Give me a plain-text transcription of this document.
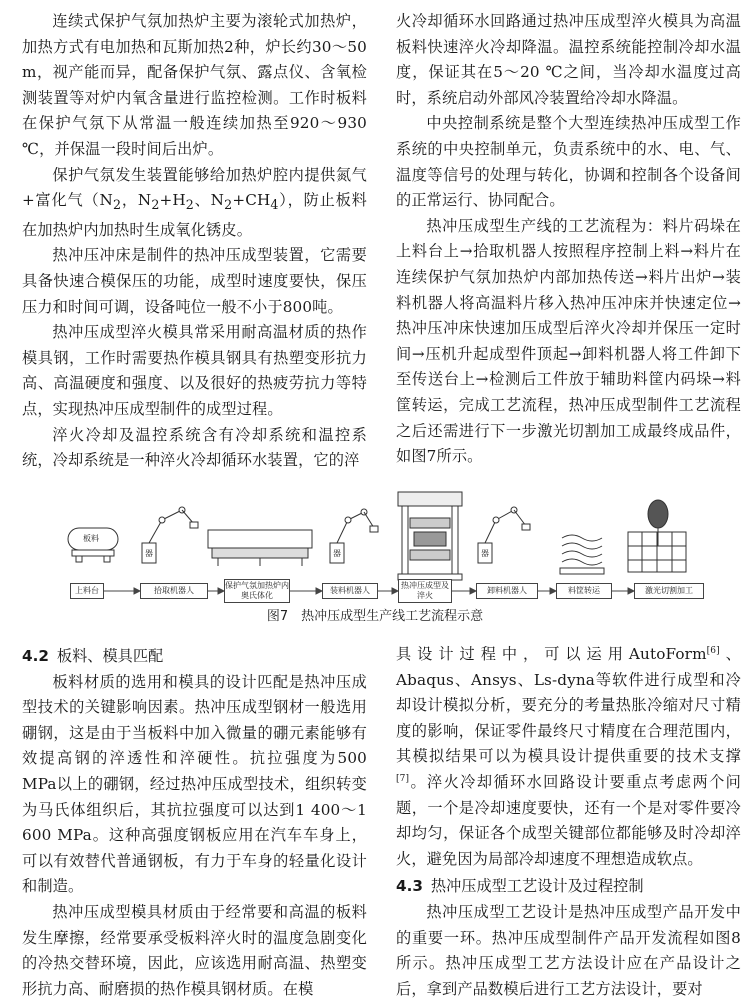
连续式保护气氛加热炉主要为滚轮式加热炉，加热方式有电加热和瓦斯加热2种，炉长约30～50 m，视产能而异，配备保护气氛、露点仪、含氧检测装置等对炉内氧含量进行监控检测。工作时板料在保护气氛下从常温一般连续加热至920～930 ℃，并保温一段时间后出炉。

保护气氛发生装置能够给加热炉腔内提供氮气+富化气（$N_2$，$N_2+H_2$、$N_2+CH_4$），防止板料在加热炉内加热时生成氧化锈皮。

热冲压冲床是制件的热冲压成型装置，它需要具备快速合模保压的功能，成型时速度要快，保压压力和时间可调，设备吨位一般不小于800吨。

热冲压成型淬火模具常采用耐高温材质的热作模具钢，工作时需要热作模具钢具有热塑变形抗力高、高温硬度和强度、以及很好的热疲劳抗力等特点，实现热冲压成型制件的成型过程。

淬火冷却及温控系统含有冷却系统和温控系统，冷却系统是一种淬火冷却循环水装置，它的淬

火冷却循环水回路通过热冲压成型淬火模具为高温板料快速淬火冷却降温。温控系统能控制冷却水温度，保证其在5～20 ℃之间，当冷却水温度过高时，系统启动外部风冷装置给冷却水降温。

中央控制系统是整个大型连续热冲压成型工作系统的中央控制单元，负责系统中的水、电、气、温度等信号的处理与转化，协调和控制各个设备间的正常运行、协同配合。

热冲压成型生产线的工艺流程为：料片码垛在上料台上→拾取机器人按照程序控制上料→料片在连续保护气氛加热炉内部加热传送→料片出炉→装料机器人将高温料片移入热冲压冲床并快速定位→热冲压冲床快速加压成型后淬火冷却并保压一定时间→压机升起成型件顶起→卸料机器人将工件卸下至传送台上→检测后工件放于辅助料筐内码垛→料筐转运，完成工艺流程，热冲压成型制件工艺流程之后还需进行下一步激光切割加工成最终成品件，如图7所示。

板料
器	器	器
上料台	拾取机器人
保护气氛加热炉内奥氏体化
装料机器人
热冲压成型及淬火
卸料机器人	料筐转运	激光切割加工
图7　热冲压成型生产线工艺流程示意
4.2 板料、模具匹配

板料材质的选用和模具的设计匹配是热冲压成型技术的关键影响因素。热冲压成型钢材一般选用硼钢，这是由于当板料中加入微量的硼元素能够有效提高钢的淬透性和淬硬性。抗拉强度为500 MPa以上的硼钢，经过热冲压成型技术，组织转变为马氏体组织后，其抗拉强度可以达到1 400～1 600 MPa。这种高强度钢板应用在汽车车身上，可以有效替代普通钢板，有力于车身的轻量化设计和制造。

热冲压成型模具材质由于经常要和高温的板料发生摩擦，经常要承受板料淬火时的温度急剧变化的冷热交替环境，因此，应该选用耐高温、热塑变形抗力高、耐磨损的热作模具钢材质。在模

具设计过程中，可以运用AutoForm[6]、Abaqus、Ansys、Ls-dyna等软件进行成型和冷却设计模拟分析，要充分的考量热胀冷缩对尺寸精度的影响，保证零件最终尺寸精度在合理范围内，其模拟结果可以为模具设计提供重要的技术支撑[7]。淬火冷却循环水回路设计要重点考虑两个问题，一个是冷却速度要快，还有一个是对零件要冷却均匀，保证各个成型关键部位都能够及时冷却淬火，避免因为局部冷却速度不理想造成软点。

4.3 热冲压成型工艺设计及过程控制

热冲压成型工艺设计是热冲压成型产品开发中的重要一环。热冲压成型制件产品开发流程如图8所示。热冲压成型工艺方法设计应在产品设计之后，拿到产品数模后进行工艺方法设计，要对
